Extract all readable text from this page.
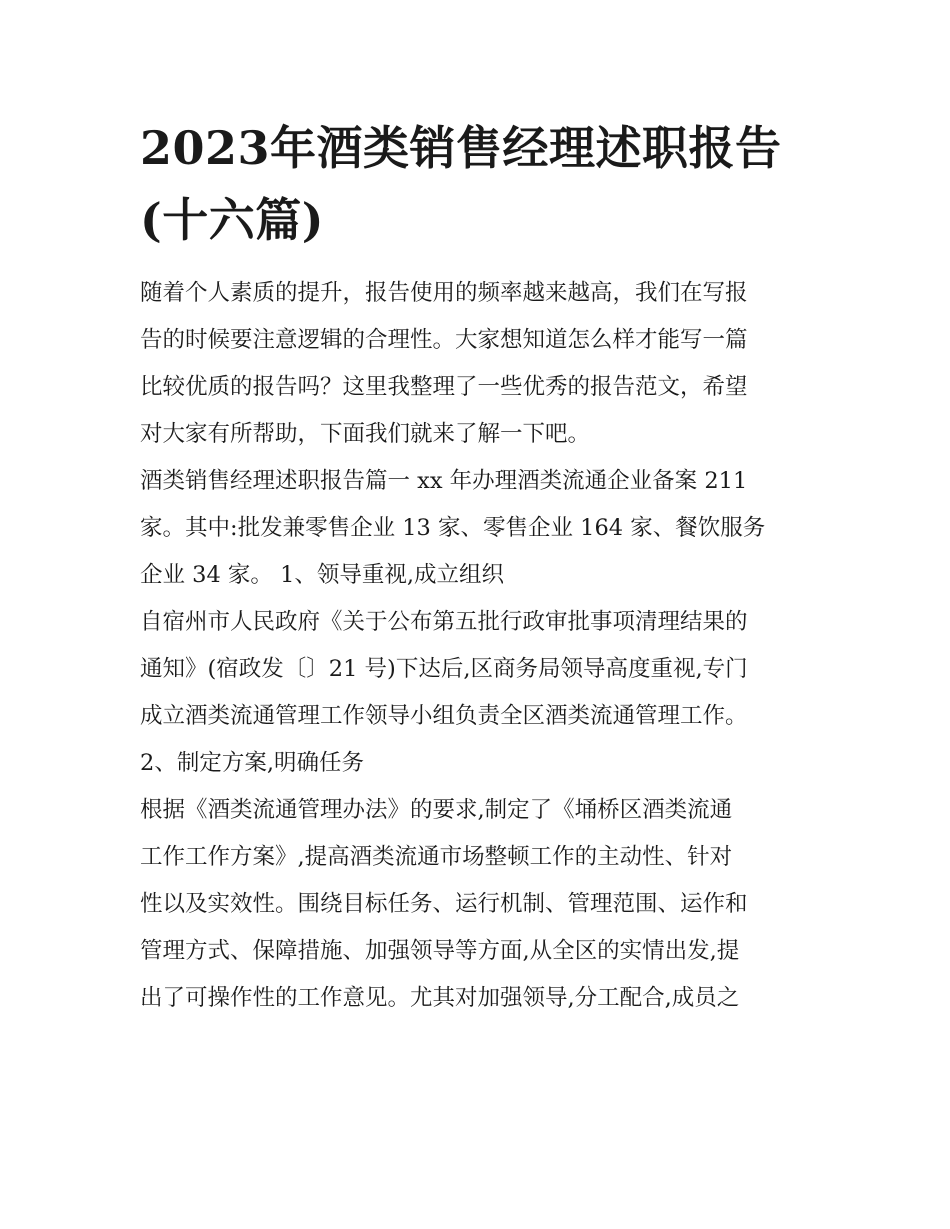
2023年酒类销售经理述职报告
(十六篇)
随着个人素质的提升，报告使用的频率越来越高，我们在写报
告的时候要注意逻辑的合理性。大家想知道怎么样才能写一篇
比较优质的报告吗？这里我整理了一些优秀的报告范文，希望
对大家有所帮助，下面我们就来了解一下吧。
酒类销售经理述职报告篇一 xx 年办理酒类流通企业备案 211
家。其中:批发兼零售企业 13 家、零售企业 164 家、餐饮服务
企业 34 家。 1、领导重视,成立组织
自宿州市人民政府《关于公布第五批行政审批事项清理结果的
通知》(宿政发〔〕21 号)下达后,区商务局领导高度重视,专门
成立酒类流通管理工作领导小组负责全区酒类流通管理工作。
2、制定方案,明确任务
根据《酒类流通管理办法》的要求,制定了《埇桥区酒类流通
工作工作方案》,提高酒类流通市场整顿工作的主动性、针对
性以及实效性。围绕目标任务、运行机制、管理范围、运作和
管理方式、保障措施、加强领导等方面,从全区的实情出发,提
出了可操作性的工作意见。尤其对加强领导,分工配合,成员之
